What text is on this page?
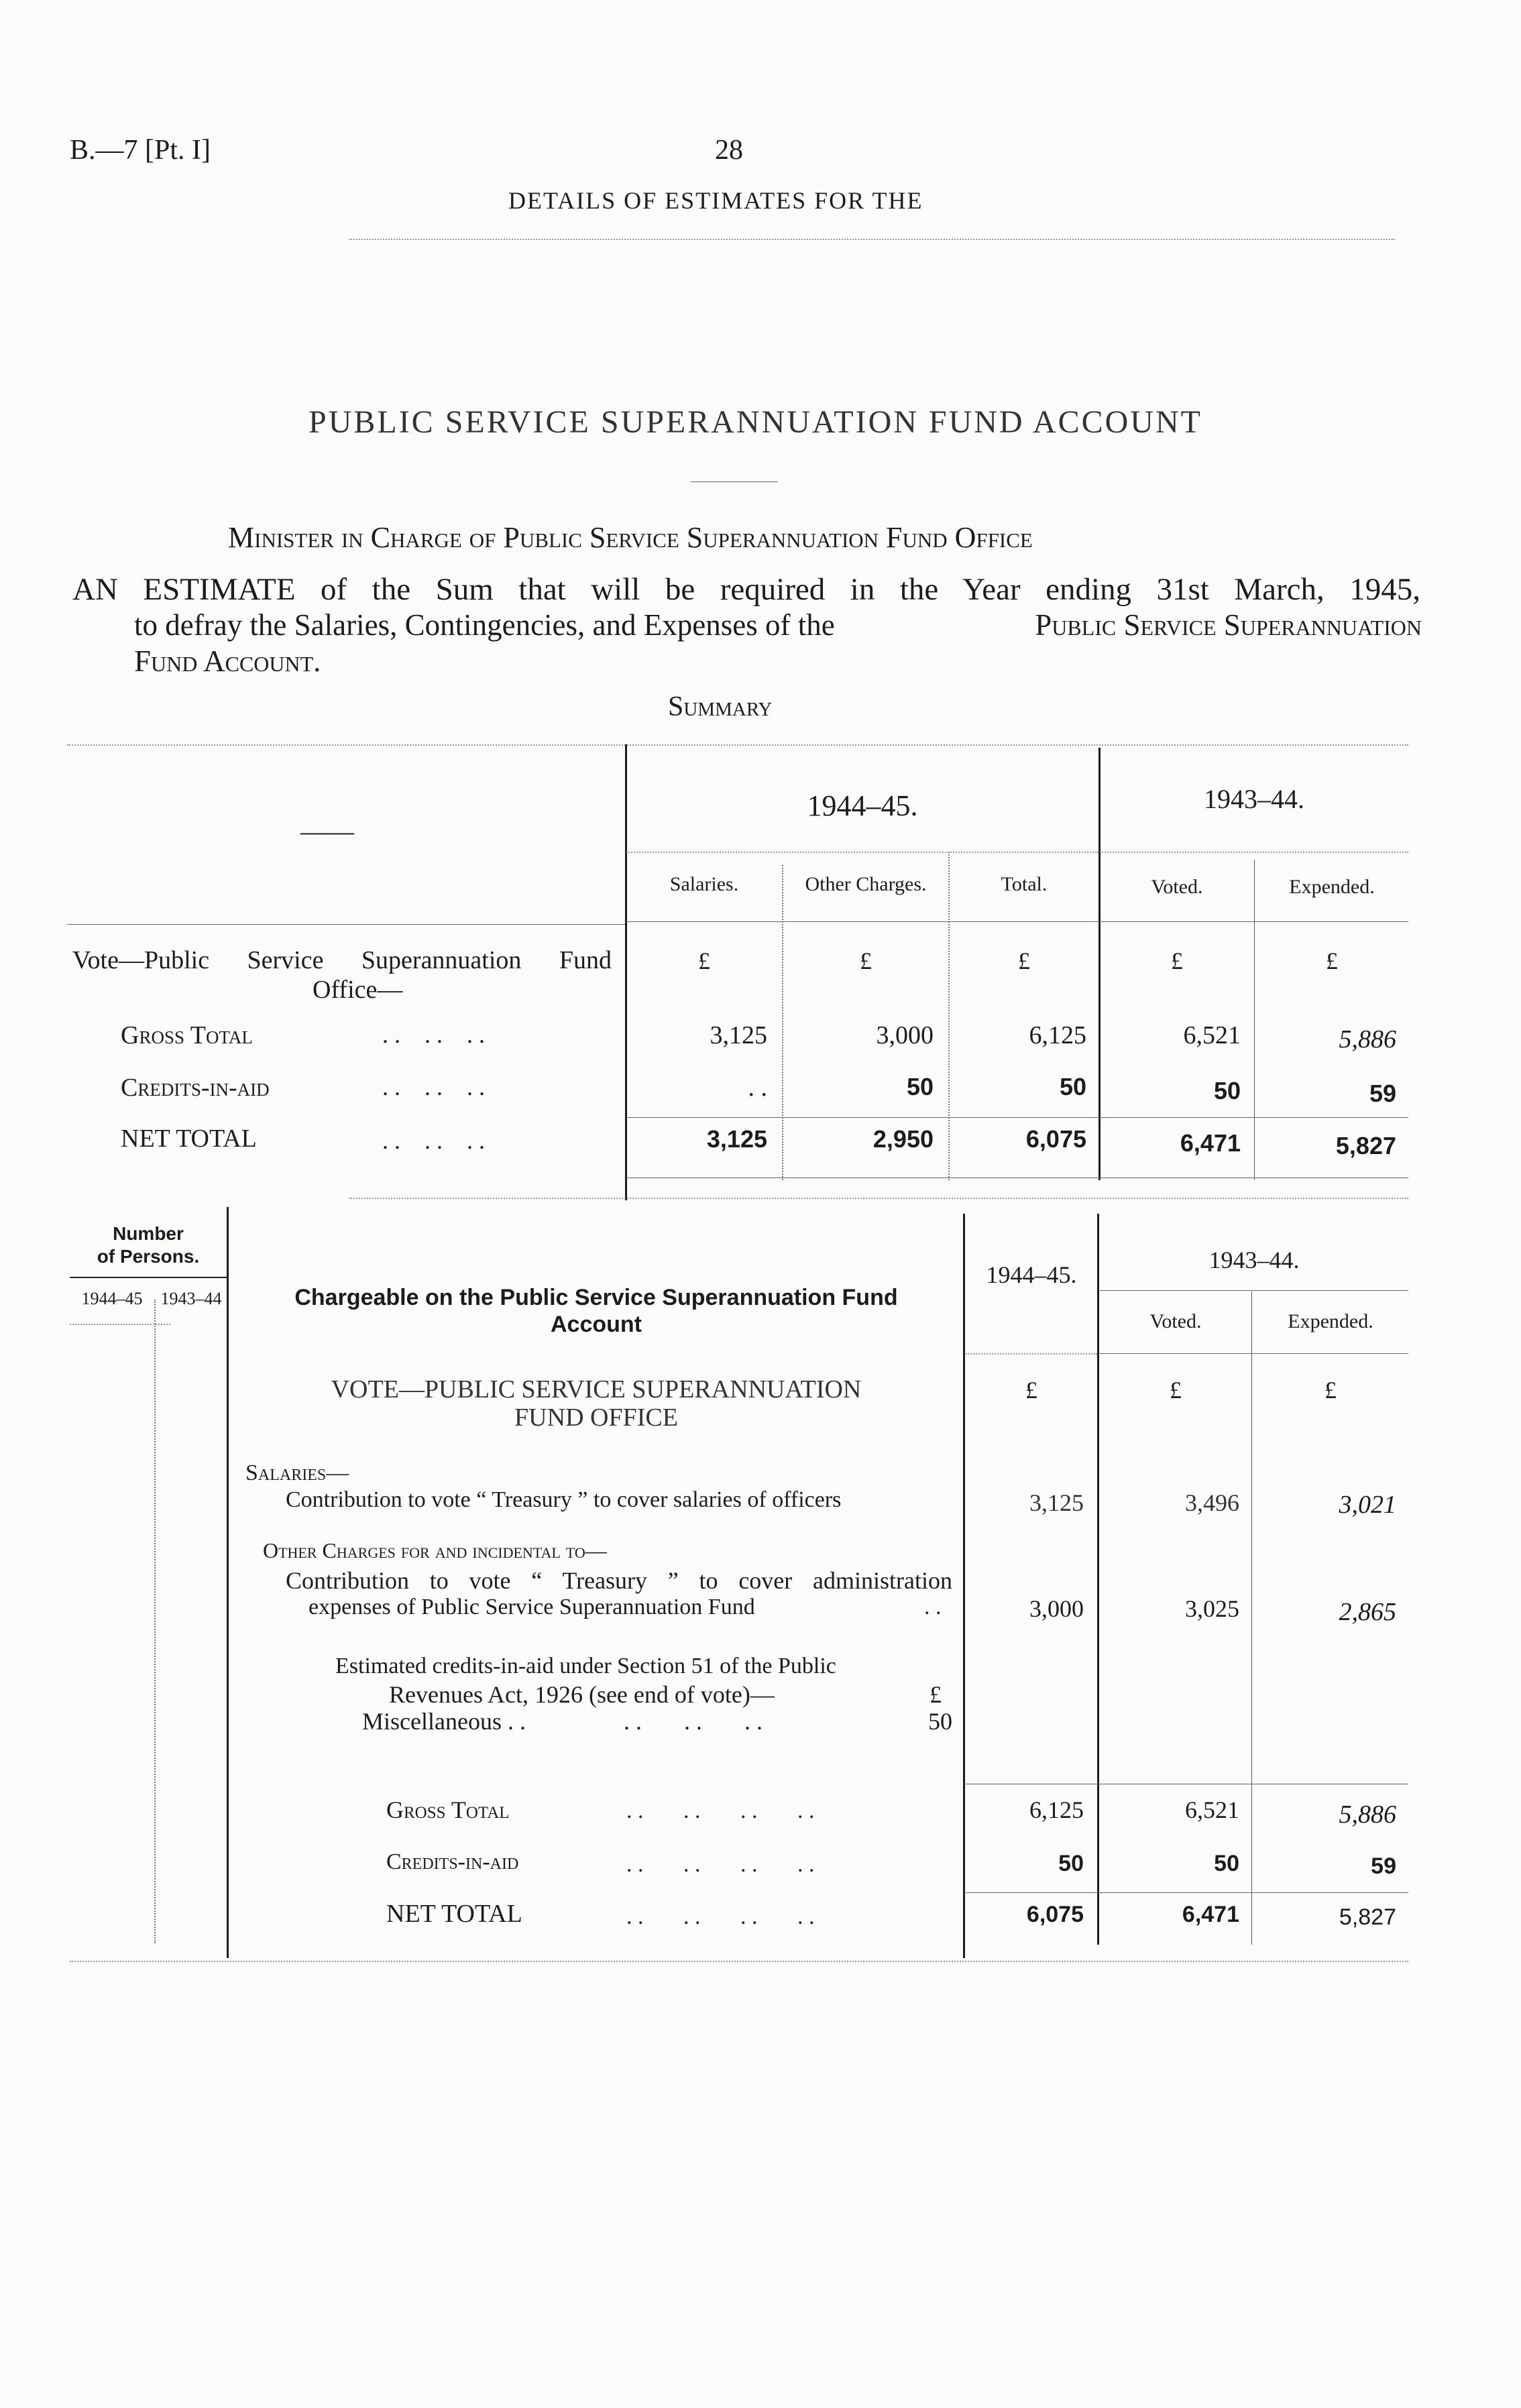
B.—7 [Pt. I]	28
DETAILS OF ESTIMATES FOR THE
PUBLIC SERVICE SUPERANNUATION FUND ACCOUNT
Minister in Charge of Public Service Superannuation Fund Office
AN ESTIMATE of the Sum that will be required in the Year ending 31st March, 1945,
to defray the Salaries, Contingencies, and Expenses of the	Public Service Superannuation
Fund Account.
Summary
——
1944–45.	1943–44.
Salaries.	Other Charges.	Total.	Voted.	Expended.
Vote—Public Service Superannuation Fund
Office—
£	£	£	£	£
Gross Total	. .    . .    . .	3,125	3,000	6,125	6,521	5,886
Credits-in-aid	. .    . .    . .	. .	50	50	50	59
NET TOTAL	. .    . .    . .	3,125	2,950	6,075	6,471	5,827
Number
of Persons.
1944–45	1943–44	Chargeable on the Public Service Superannuation Fund
Account
1944–45.
1943–44.
Voted.	Expended.
VOTE—PUBLIC SERVICE SUPERANNUATION
FUND OFFICE
£	£	£
Salaries—
Contribution to vote “ Treasury ” to cover salaries of officers	3,125	3,496	3,021
Other Charges for and incidental to—
Contribution to vote “ Treasury ” to cover administration
expenses of Public Service Superannuation Fund	. .	3,000	3,025	2,865
Estimated credits-in-aid under Section 51 of the Public
Revenues Act, 1926 (see end of vote)—	£
Miscellaneous . .	. .       . .       . .	50
Gross Total	. .       . .       . .       . .	6,125	6,521	5,886
Credits-in-aid	. .       . .       . .       . .	50	50	59
NET TOTAL	. .       . .       . .       . .	6,075	6,471	5,827
